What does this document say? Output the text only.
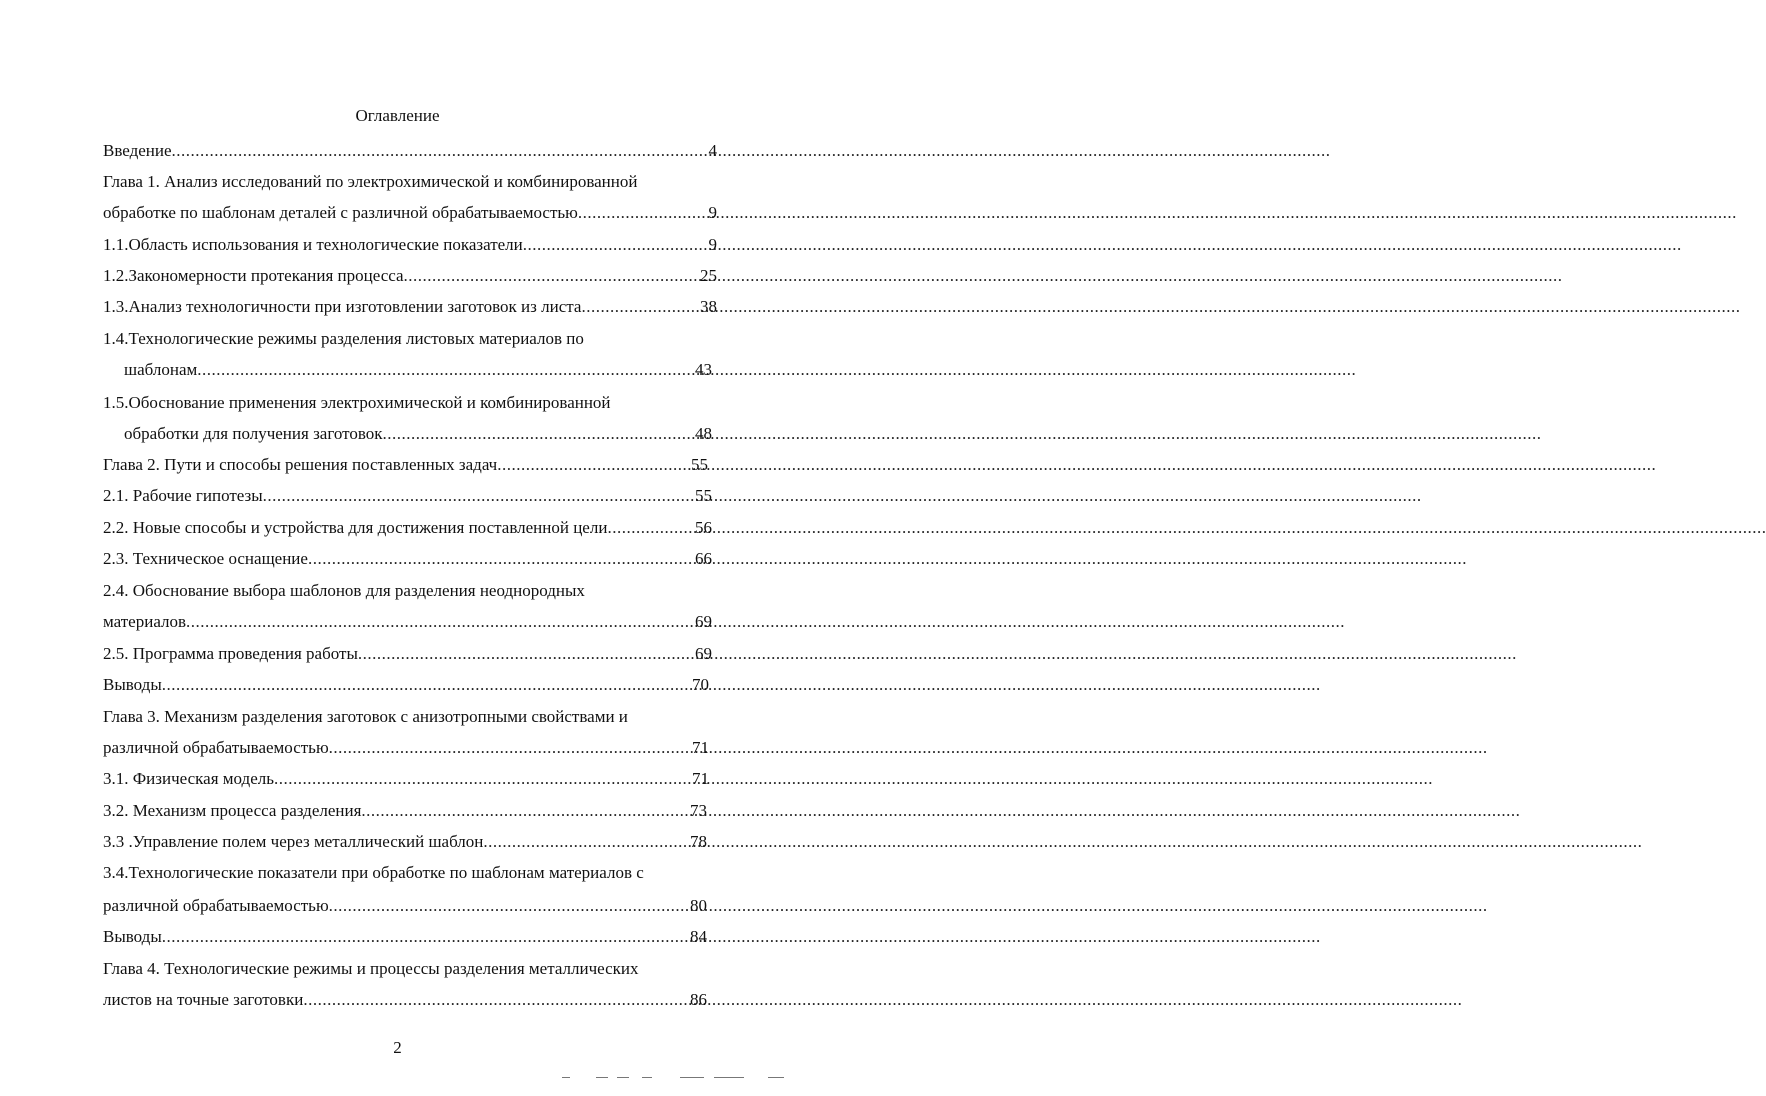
Оглавление
Введение .....	4
Глава 1. Анализ исследований по электрохимической и комбинированной
обработке по шаблонам деталей с различной обрабатываемостью .....	9
1.1.Область использования и технологические показатели .....	9
1.2.Закономерности протекания процесса .....	25
1.3.Анализ технологичности при изготовлении заготовок из листа .....	38
1.4.Технологические режимы разделения листовых материалов по
шаблонам .....	43
1.5.Обоснование применения электрохимической и комбинированной
обработки для получения заготовок .....	48
Глава 2. Пути и способы решения поставленных задач .....	55
2.1. Рабочие гипотезы .....	55
2.2. Новые способы и устройства для достижения поставленной цели .....	56
2.3. Техническое оснащение .....	66
2.4. Обоснование выбора шаблонов для разделения неоднородных
материалов .....	69
2.5. Программа проведения работы .....	69
Выводы .....	70
Глава 3. Механизм разделения заготовок с анизотропными свойствами и
различной обрабатываемостью .....	71
3.1. Физическая модель .....	71
3.2. Механизм процесса разделения .....	73
3.3 .Управление полем через металлический шаблон .....	78
3.4.Технологические показатели при обработке по шаблонам материалов с
различной обрабатываемостью .....	80
Выводы .....	84
Глава 4. Технологические режимы и процессы разделения металлических
листов на точные заготовки .....	86
2
